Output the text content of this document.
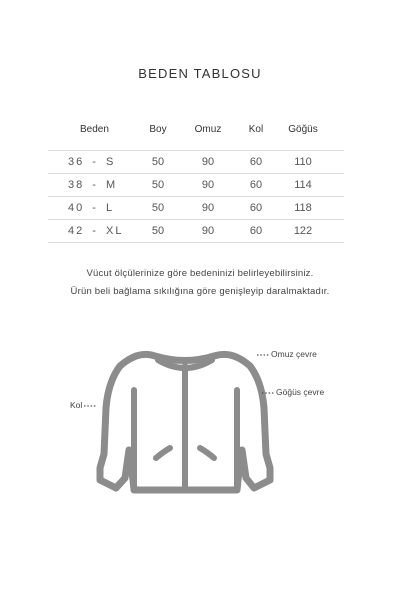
BEDEN TABLOSU
Beden	Boy	Omuz	Kol	Göğüs
36 - S	50	90	60	110
38 - M	50	90	60	114
40 - L	50	90	60	118
42 - XL	50	90	60	122
Vücut ölçülerinize göre bedeninizi belirleyebilirsiniz.
Ürün beli bağlama sıkılığına göre genişleyip daralmaktadır.
Omuz çevre
Göğüs çevre
Kol
